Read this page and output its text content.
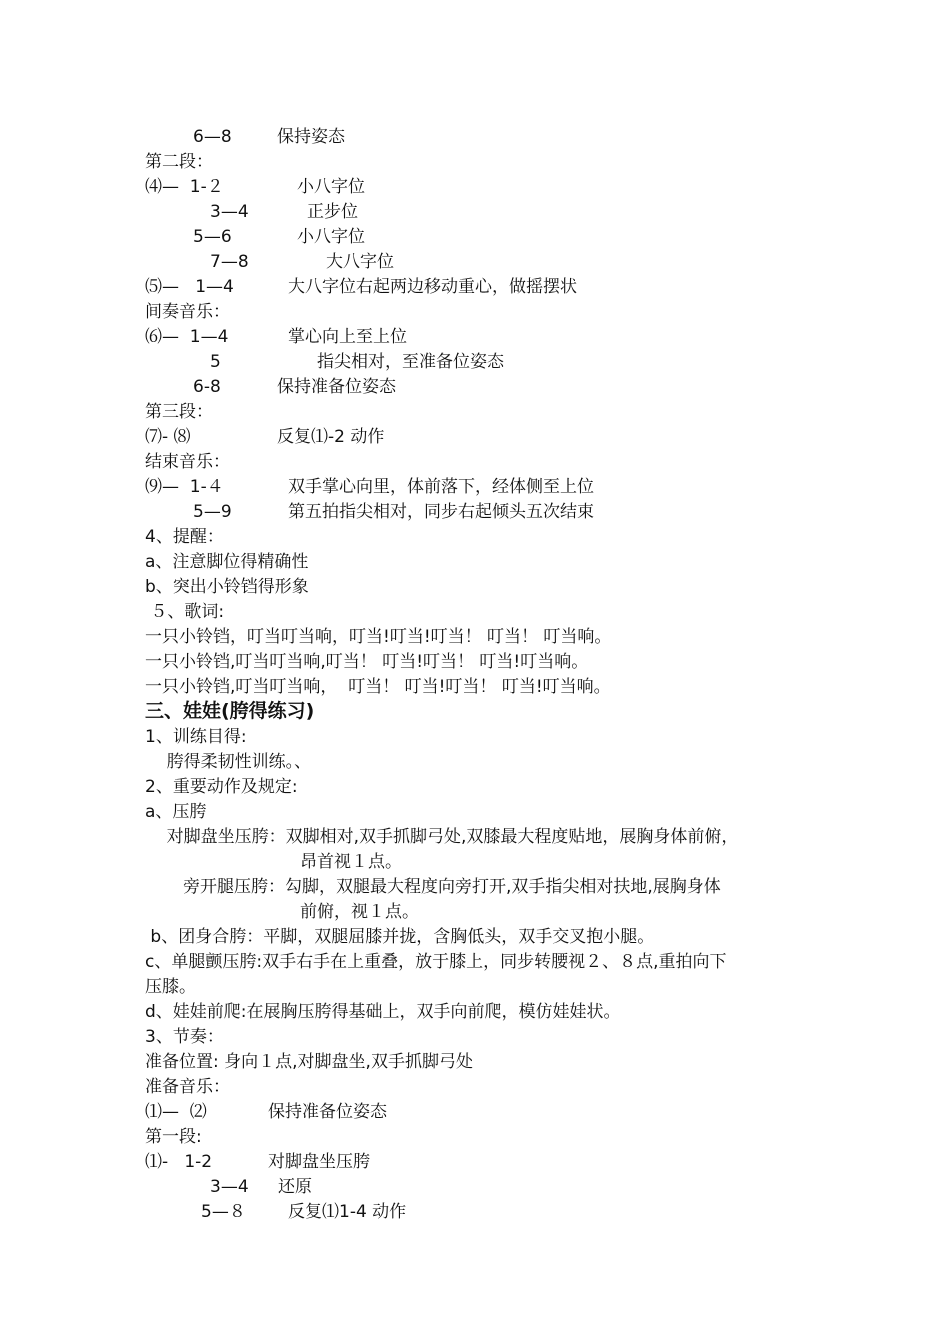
6—8	保持姿态
第二段：
⑷—  1-２	小八字位
3—4	正步位
5—6	小八字位
7—8	大八字位
⑸—   1—4	大八字位右起两边移动重心，做摇摆状
间奏音乐：
⑹—  1—4	掌心向上至上位
5	指尖相对，至准备位姿态
6-8	保持准备位姿态
第三段：
⑺- ⑻	反复⑴-2 动作
结束音乐：
⑼—  1-４	双手掌心向里，体前落下，经体侧至上位
5—9	第五拍指尖相对，同步右起倾头五次结束
4、提醒：
a、注意脚位得精确性
b、突出小铃铛得形象
５、歌词:
一只小铃铛，叮当叮当响，叮当!叮当!叮当！ 叮当！ 叮当响。
一只小铃铛,叮当叮当响,叮当！ 叮当!叮当！ 叮当!叮当响。
一只小铃铛,叮当叮当响，  叮当！ 叮当!叮当！ 叮当!叮当响。
三、娃娃(胯得练习)
1、训练目得:
胯得柔韧性训练。、
2、重要动作及规定:
a、压胯
对脚盘坐压胯：双脚相对,双手抓脚弓处,双膝最大程度贴地，展胸身体前俯，
昂首视１点。
旁开腿压胯：勾脚，双腿最大程度向旁打开,双手指尖相对扶地,展胸身体
前俯，视１点。
b、团身合胯：平脚，双腿屈膝并拢，含胸低头，双手交叉抱小腿。
c、单腿颤压胯:双手右手在上重叠，放于膝上，同步转腰视２、８点,重拍向下
压膝。
d、娃娃前爬:在展胸压胯得基础上，双手向前爬，模仿娃娃状。
3、节奏：
准备位置: 身向１点,对脚盘坐,双手抓脚弓处
准备音乐：
⑴—  ⑵	保持准备位姿态
第一段:
⑴-   1-2	对脚盘坐压胯
3—4 还原
5—８ 反复⑴1-4 动作
